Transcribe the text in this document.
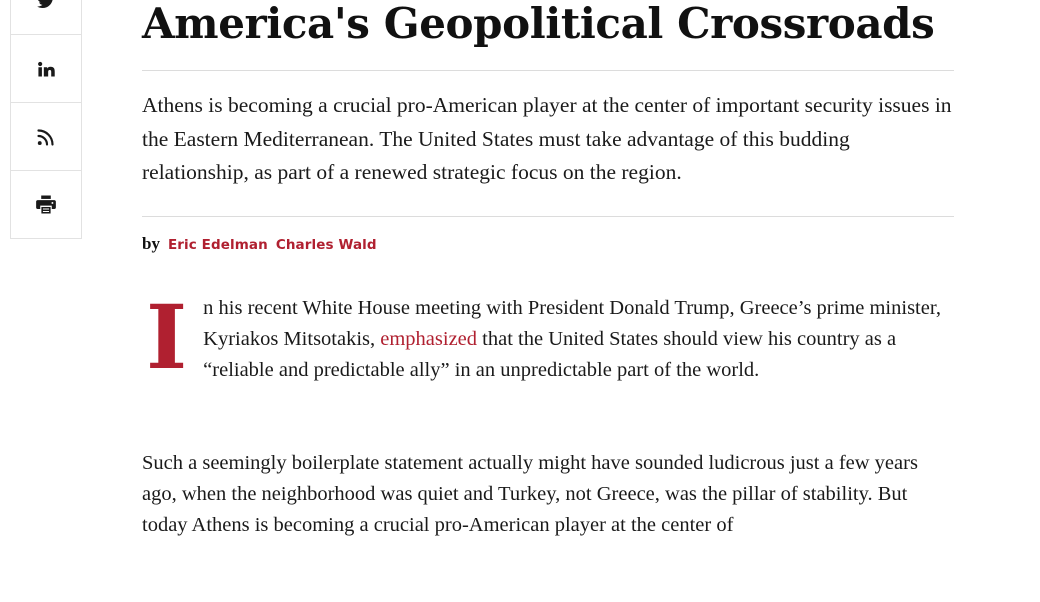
America's Geopolitical Crossroads

Athens is becoming a crucial pro-American player at the center of important security issues in the Eastern Mediterranean. The United States must take advantage of this budding relationship, as part of a renewed strategic focus on the region.

by Eric Edelman Charles Wald

In his recent White House meeting with President Donald Trump, Greece’s prime minister, Kyriakos Mitsotakis, emphasized that the United States should view his country as a “reliable and predictable ally” in an unpredictable part of the world.

Such a seemingly boilerplate statement actually might have sounded ludicrous just a few years ago, when the neighborhood was quiet and Turkey, not Greece, was the pillar of stability. But today Athens is becoming a crucial pro-American player at the center of
